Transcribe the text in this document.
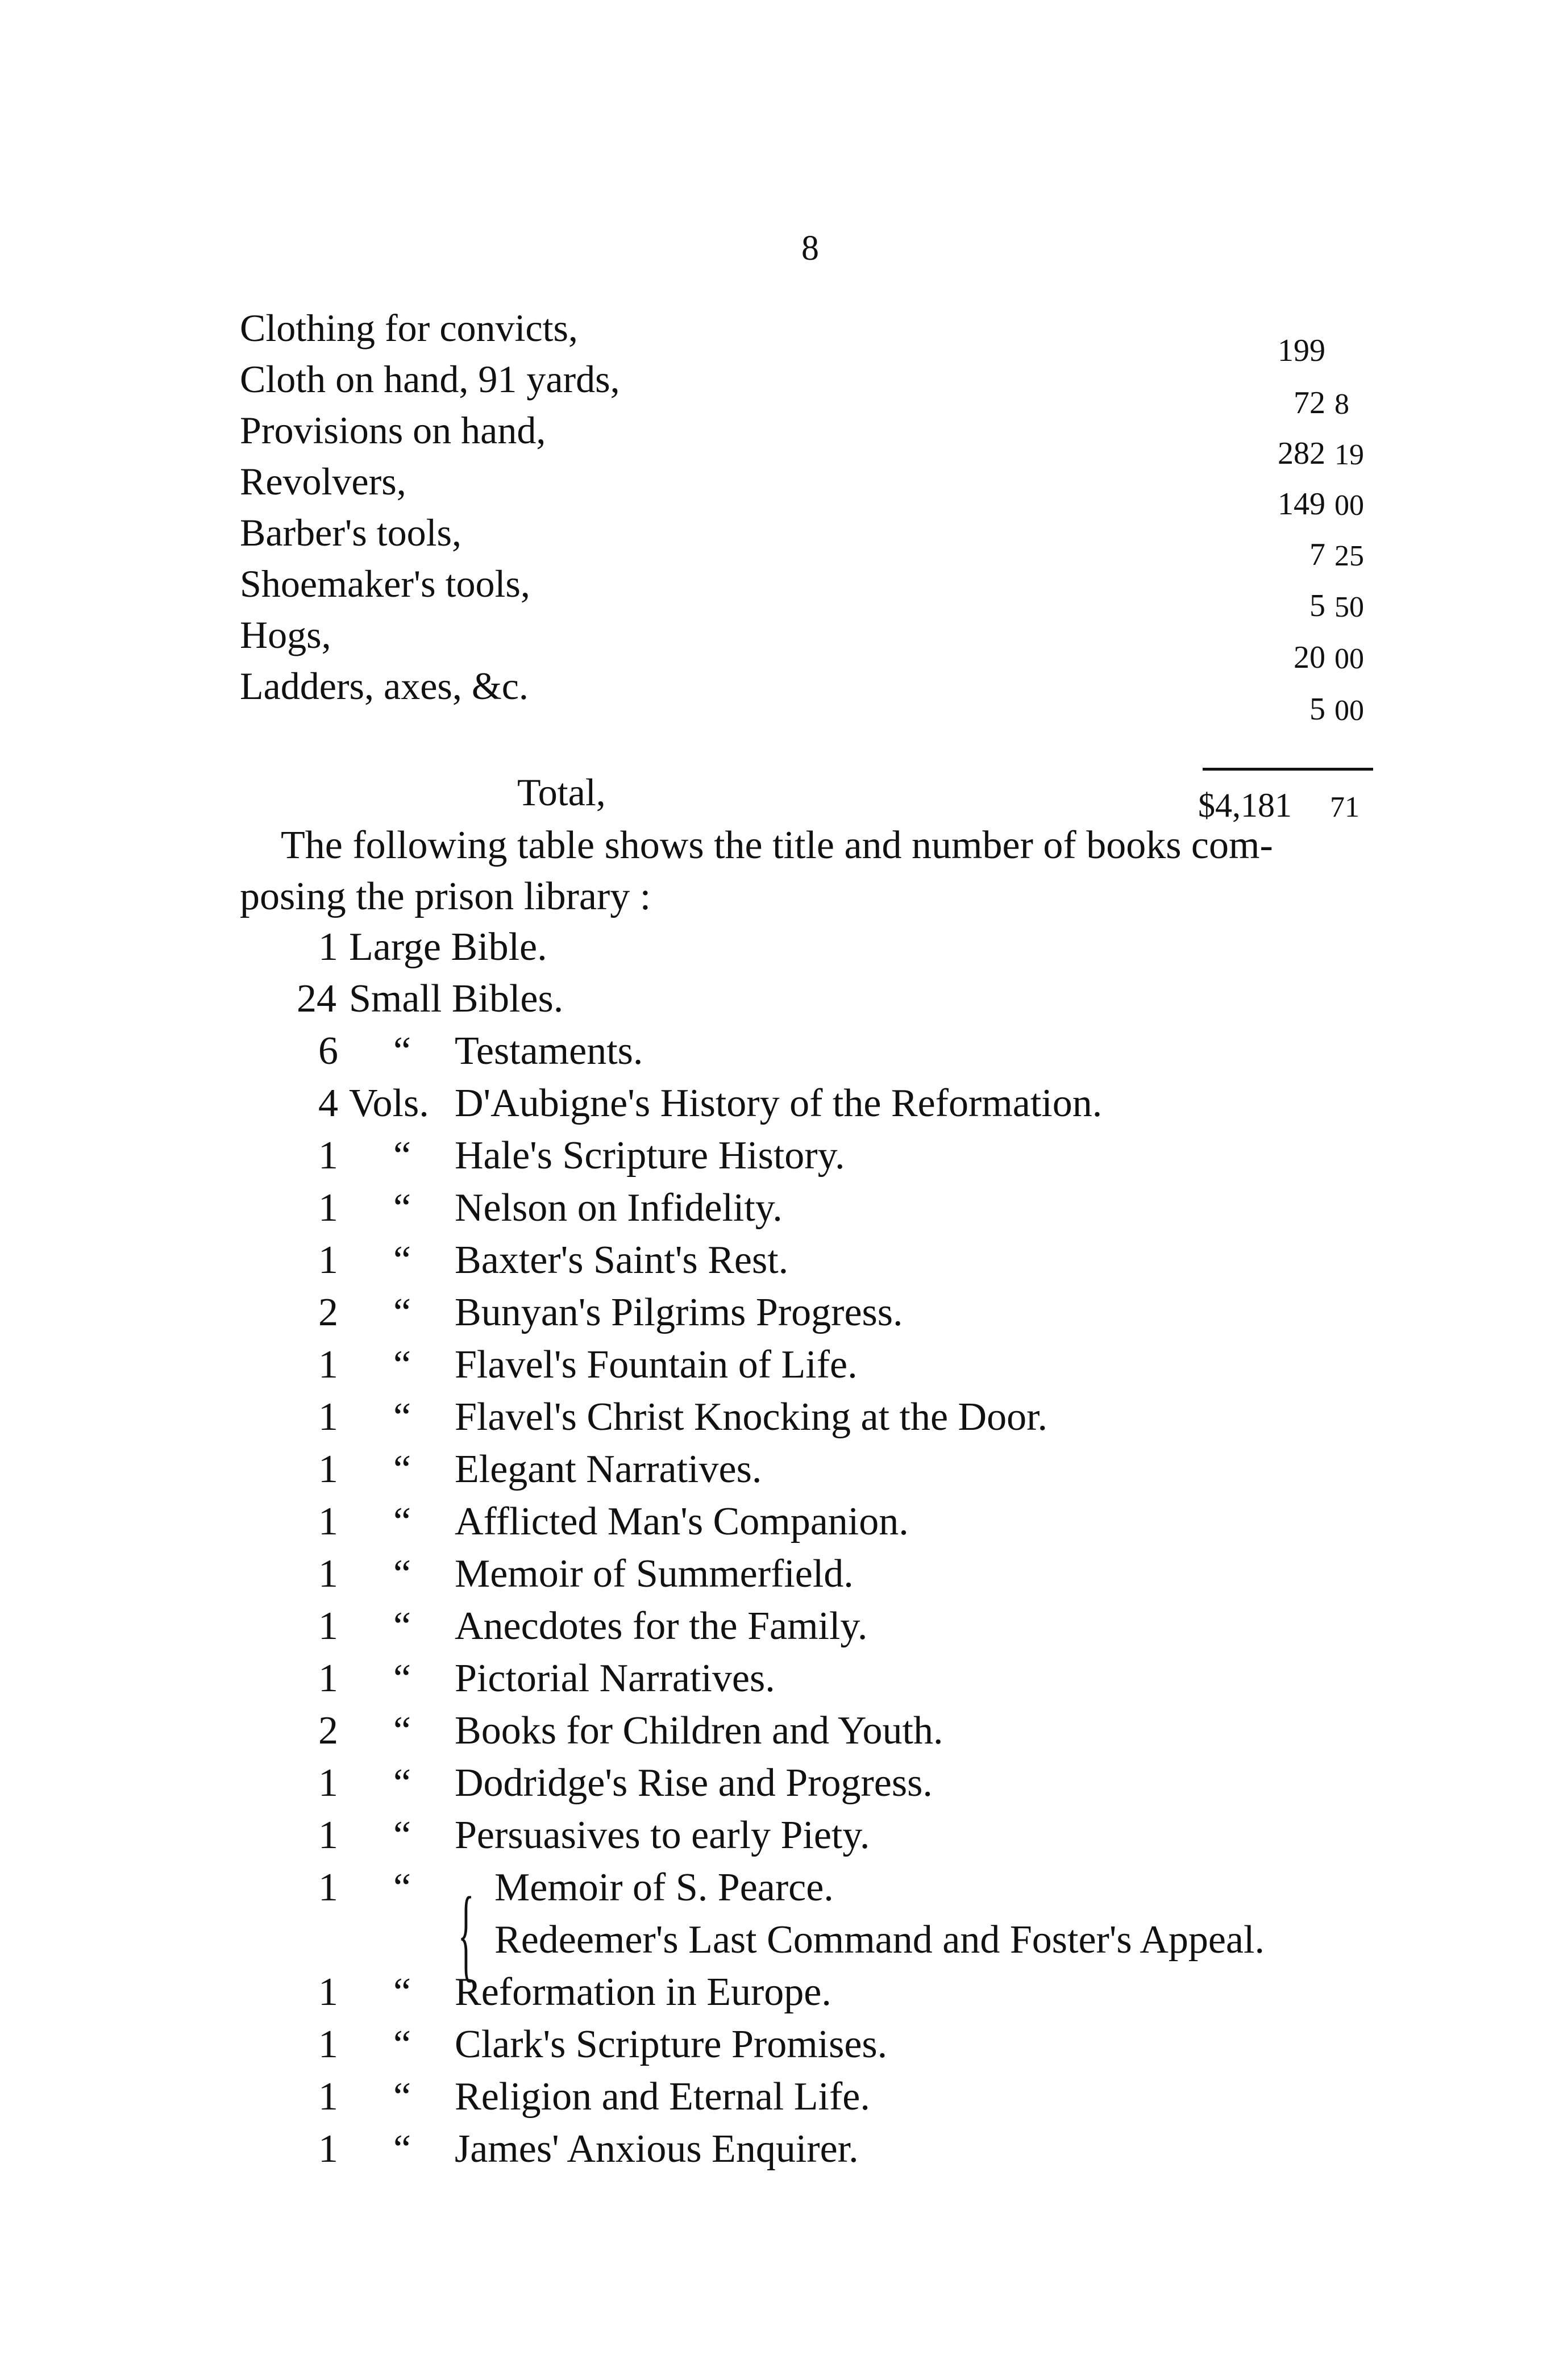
8
Clothing for convicts,
199
Cloth on hand, 91 yards,
72 8
Provisions on hand,
282 19
Revolvers,
149 00
Barber's tools,
7 25
Shoemaker's tools,
5 50
Hogs,
20 00
Ladders, axes, &c.
5 00
Total,	$4,181 71
The following table shows the title and number of books com-
posing the prison library :
1 Large Bible.
24 Small Bibles.
6 “ Testaments.
4 Vols. D'Aubigne's History of the Reformation.
1 “ Hale's Scripture History.
1 “ Nelson on Infidelity.
1 “ Baxter's Saint's Rest.
2 “ Bunyan's Pilgrims Progress.
1 “ Flavel's Fountain of Life.
1 “ Flavel's Christ Knocking at the Door.
1 “ Elegant Narratives.
1 “ Afflicted Man's Companion.
1 “ Memoir of Summerfield.
1 “ Anecdotes for the Family.
1 “ Pictorial Narratives.
2 “ Books for Children and Youth.
1 “ Dodridge's Rise and Progress.
1 “ Persuasives to early Piety.
1 “ { Memoir of S. Pearce.
Redeemer's Last Command and Foster's Appeal.
1 “ Reformation in Europe.
1 “ Clark's Scripture Promises.
1 “ Religion and Eternal Life.
1 “ James' Anxious Enquirer.
